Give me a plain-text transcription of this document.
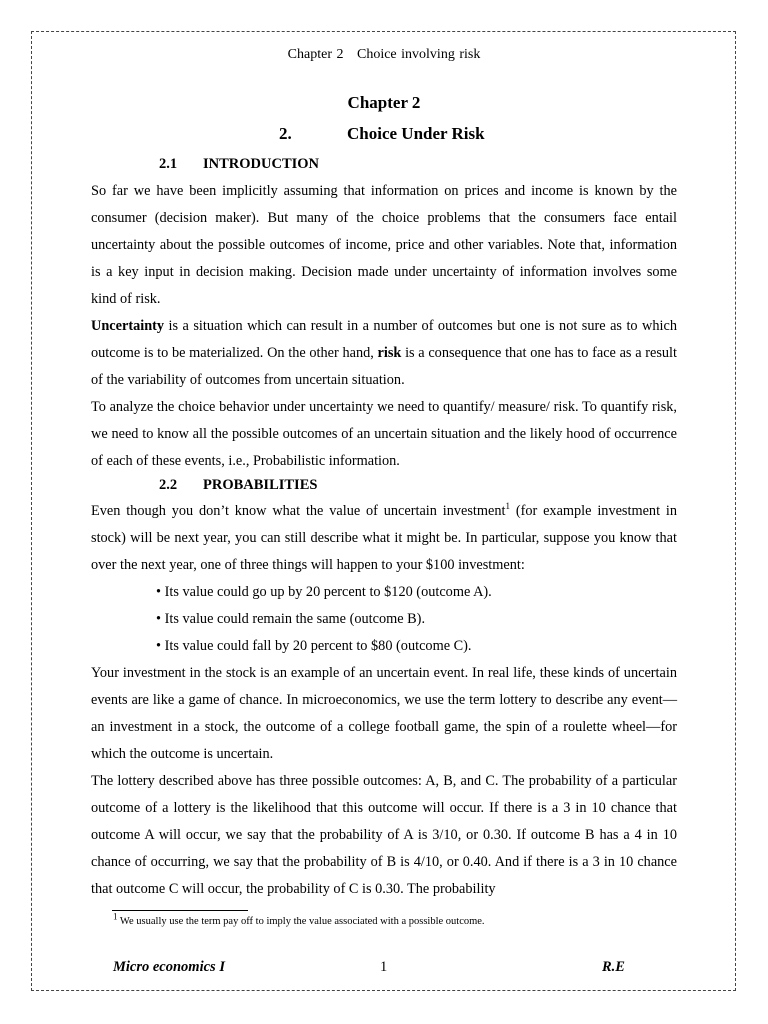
Chapter 2   Choice involving risk
Chapter 2
2.	Choice Under Risk
2.1 INTRODUCTION

So far we have been implicitly assuming that information on prices and income is known by the consumer (decision maker). But many of the choice problems that the consumers face entail uncertainty about the possible outcomes of income, price and other variables. Note that, information is a key input in decision making. Decision made under uncertainty of information involves some kind of risk.

Uncertainty is a situation which can result in a number of outcomes but one is not sure as to which outcome is to be materialized. On the other hand, risk is a consequence that one has to face as a result of the variability of outcomes from uncertain situation.

To analyze the choice behavior under uncertainty we need to quantify/ measure/ risk. To quantify risk, we need to know all the possible outcomes of an uncertain situation and the likely hood of occurrence of each of these events, i.e., Probabilistic information.

2.2 PROBABILITIES

Even though you don’t know what the value of uncertain investment$^1$ (for example investment in stock) will be next year, you can still describe what it might be. In particular, suppose you know that over the next year, one of three things will happen to your $100 investment:

• Its value could go up by 20 percent to $120 (outcome A).
• Its value could remain the same (outcome B).
• Its value could fall by 20 percent to $80 (outcome C).

Your investment in the stock is an example of an uncertain event. In real life, these kinds of uncertain events are like a game of chance. In microeconomics, we use the term lottery to describe any event—an investment in a stock, the outcome of a college football game, the spin of a roulette wheel—for which the outcome is uncertain.

The lottery described above has three possible outcomes: A, B, and C. The probability of a particular outcome of a lottery is the likelihood that this outcome will occur. If there is a 3 in 10 chance that outcome A will occur, we say that the probability of A is 3/10, or 0.30. If outcome B has a 4 in 10 chance of occurring, we say that the probability of B is 4/10, or 0.40. And if there is a 3 in 10 chance that outcome C will occur, the probability of C is 0.30. The probability

$^1$ We usually use the term pay off to imply the value associated with a possible outcome.
Micro economics I	1	R.E
